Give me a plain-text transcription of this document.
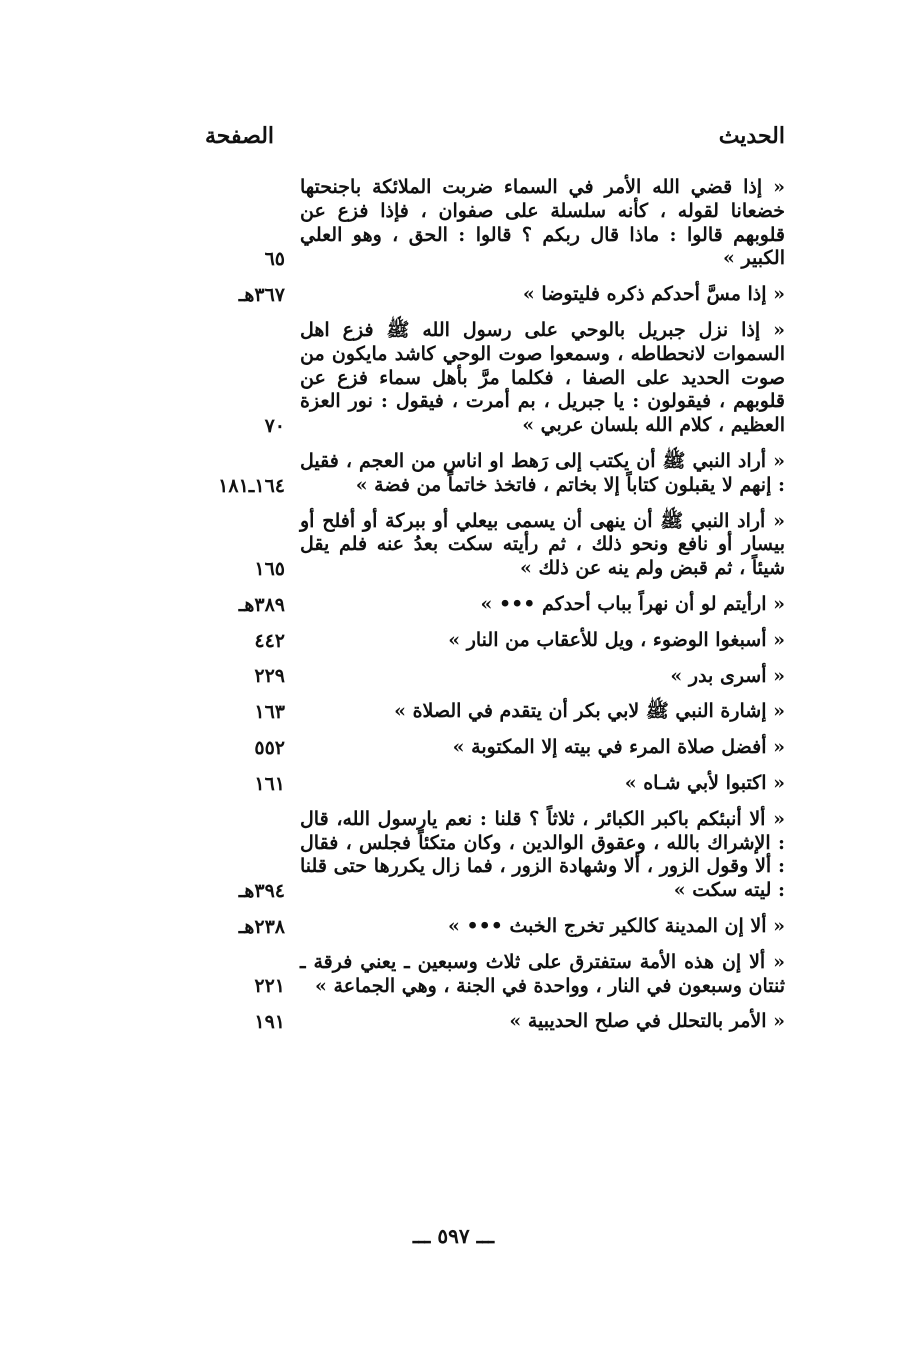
الحديث
الصفحة
« إذا قضي الله الأمر في السماء ضربت الملائكة باجنحتها خضعانا لقوله ، كأنه سلسلة على صفوان ، فإذا فزع عن قلوبهم قالوا : ماذا قال ربكم ؟ قالوا : الحق ، وهو العلي الكبير »
٦٥
« إذا مسَّ أحدكم ذكره فليتوضا »
٣٦٧هـ
« إذا نزل جبريل بالوحي على رسول الله ﷺ فزع اهل السموات لانحطاطه ، وسمعوا صوت الوحي كاشد مايكون من صوت الحديد على الصفا ، فكلما مرَّ بأهل سماء فزع عن قلوبهم ، فيقولون : يا جبريل ، بم أمرت ، فيقول : نور العزة العظيم ، كلام الله بلسان عربي »
٧٠
« أراد النبي ﷺ أن يكتب إلى رَهط او اناس من العجم ، فقيل : إنهم لا يقبلون كتاباً إلا بخاتم ، فاتخذ خاتماً من فضة »
١٦٤ـ١٨١
« أراد النبي ﷺ أن ينهى أن يسمى بيعلي أو ببركة أو أفلح أو بيسار أو نافع ونحو ذلك ، ثم رأيته سكت بعدُ عنه فلم يقل شيئاً ، ثم قبض ولم ينه عن ذلك »
١٦٥
« ارأيتم لو أن نهراً بباب أحدكم ••• »
٣٨٩هـ
« أسبغوا الوضوء ، ويل للأعقاب من النار »
٤٤٢
« أسرى بدر »
٢٢٩
« إشارة النبي ﷺ لابي بكر أن يتقدم في الصلاة »
١٦٣
« أفضل صلاة المرء في بيته إلا المكتوبة »
٥٥٢
« اكتبوا لأبي شـاه »
١٦١
« ألا أنبئكم باكبر الكبائر ، ثلاثاً ؟ قلنا : نعم يارسول الله، قال : الإشراك بالله ، وعقوق الوالدين ، وكان متكئاً فجلس ، فقال : ألا وقول الزور ، ألا وشهادة الزور ، فما زال يكررها حتى قلنا : ليته سكت »
٣٩٤هـ
« ألا إن المدينة كالكير تخرج الخبث ••• »
٢٣٨هـ
« ألا إن هذه الأمة ستفترق على ثلاث وسبعين ـ يعني فرقة ـ ثنتان وسبعون في النار ، وواحدة في الجنة ، وهي الجماعة »
٢٢١
« الأمر بالتحلل في صلح الحديبية »
١٩١
ـــ ٥٩٧ ـــ
